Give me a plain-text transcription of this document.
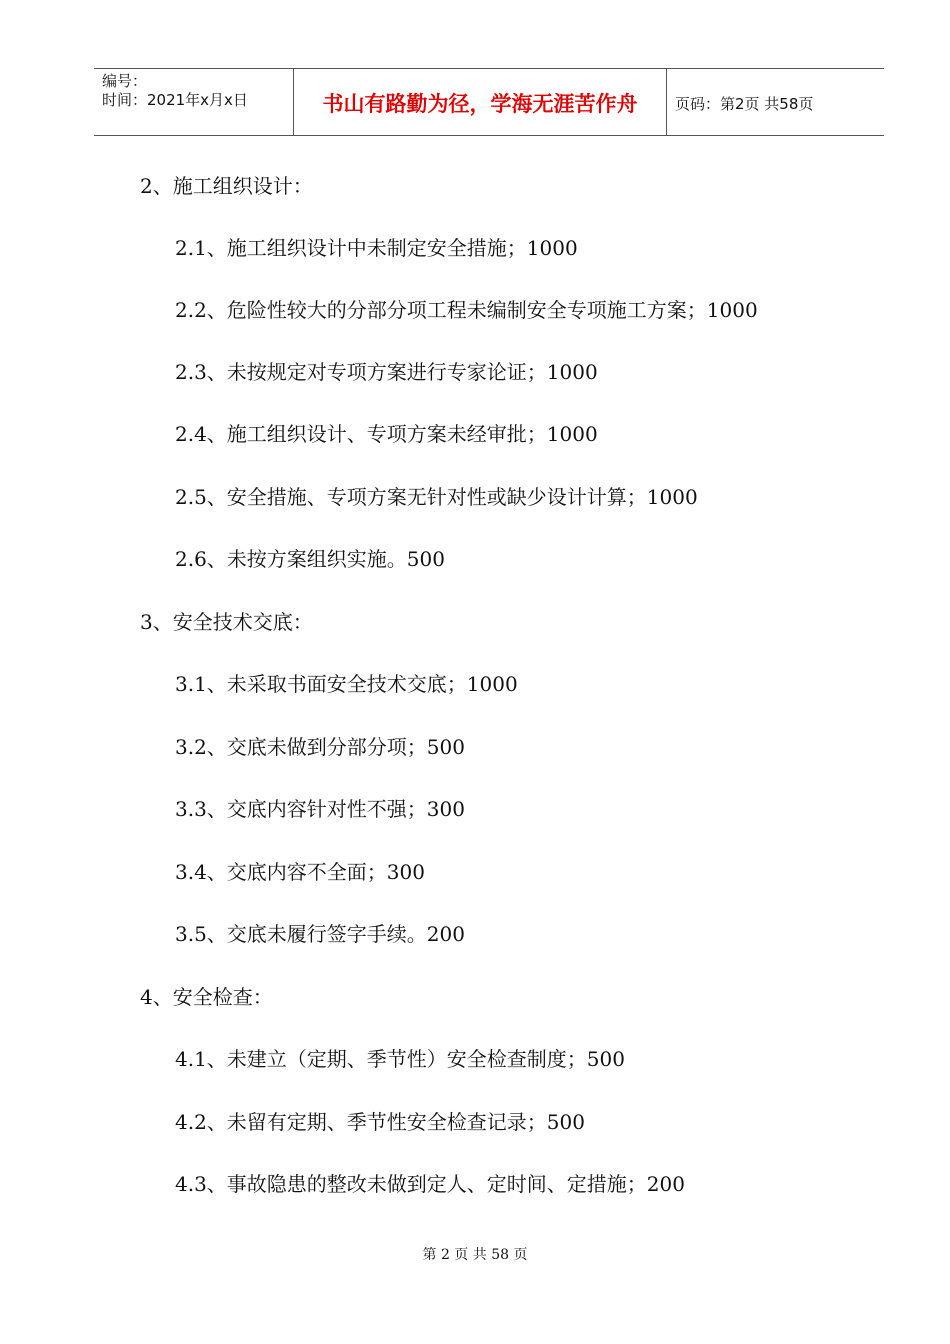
编号：
时间：2021年x月x日	书山有路勤为径，学海无涯苦作舟	页码：第2页 共58页
2、施工组织设计：
2.1、施工组织设计中未制定安全措施；1000
2.2、危险性较大的分部分项工程未编制安全专项施工方案；1000
2.3、未按规定对专项方案进行专家论证；1000
2.4、施工组织设计、专项方案未经审批；1000
2.5、安全措施、专项方案无针对性或缺少设计计算；1000
2.6、未按方案组织实施。500
3、安全技术交底：
3.1、未采取书面安全技术交底；1000
3.2、交底未做到分部分项；500
3.3、交底内容针对性不强；300
3.4、交底内容不全面；300
3.5、交底未履行签字手续。200
4、安全检查：
4.1、未建立（定期、季节性）安全检查制度；500
4.2、未留有定期、季节性安全检查记录；500
4.3、事故隐患的整改未做到定人、定时间、定措施；200
第 2 页 共 58 页
